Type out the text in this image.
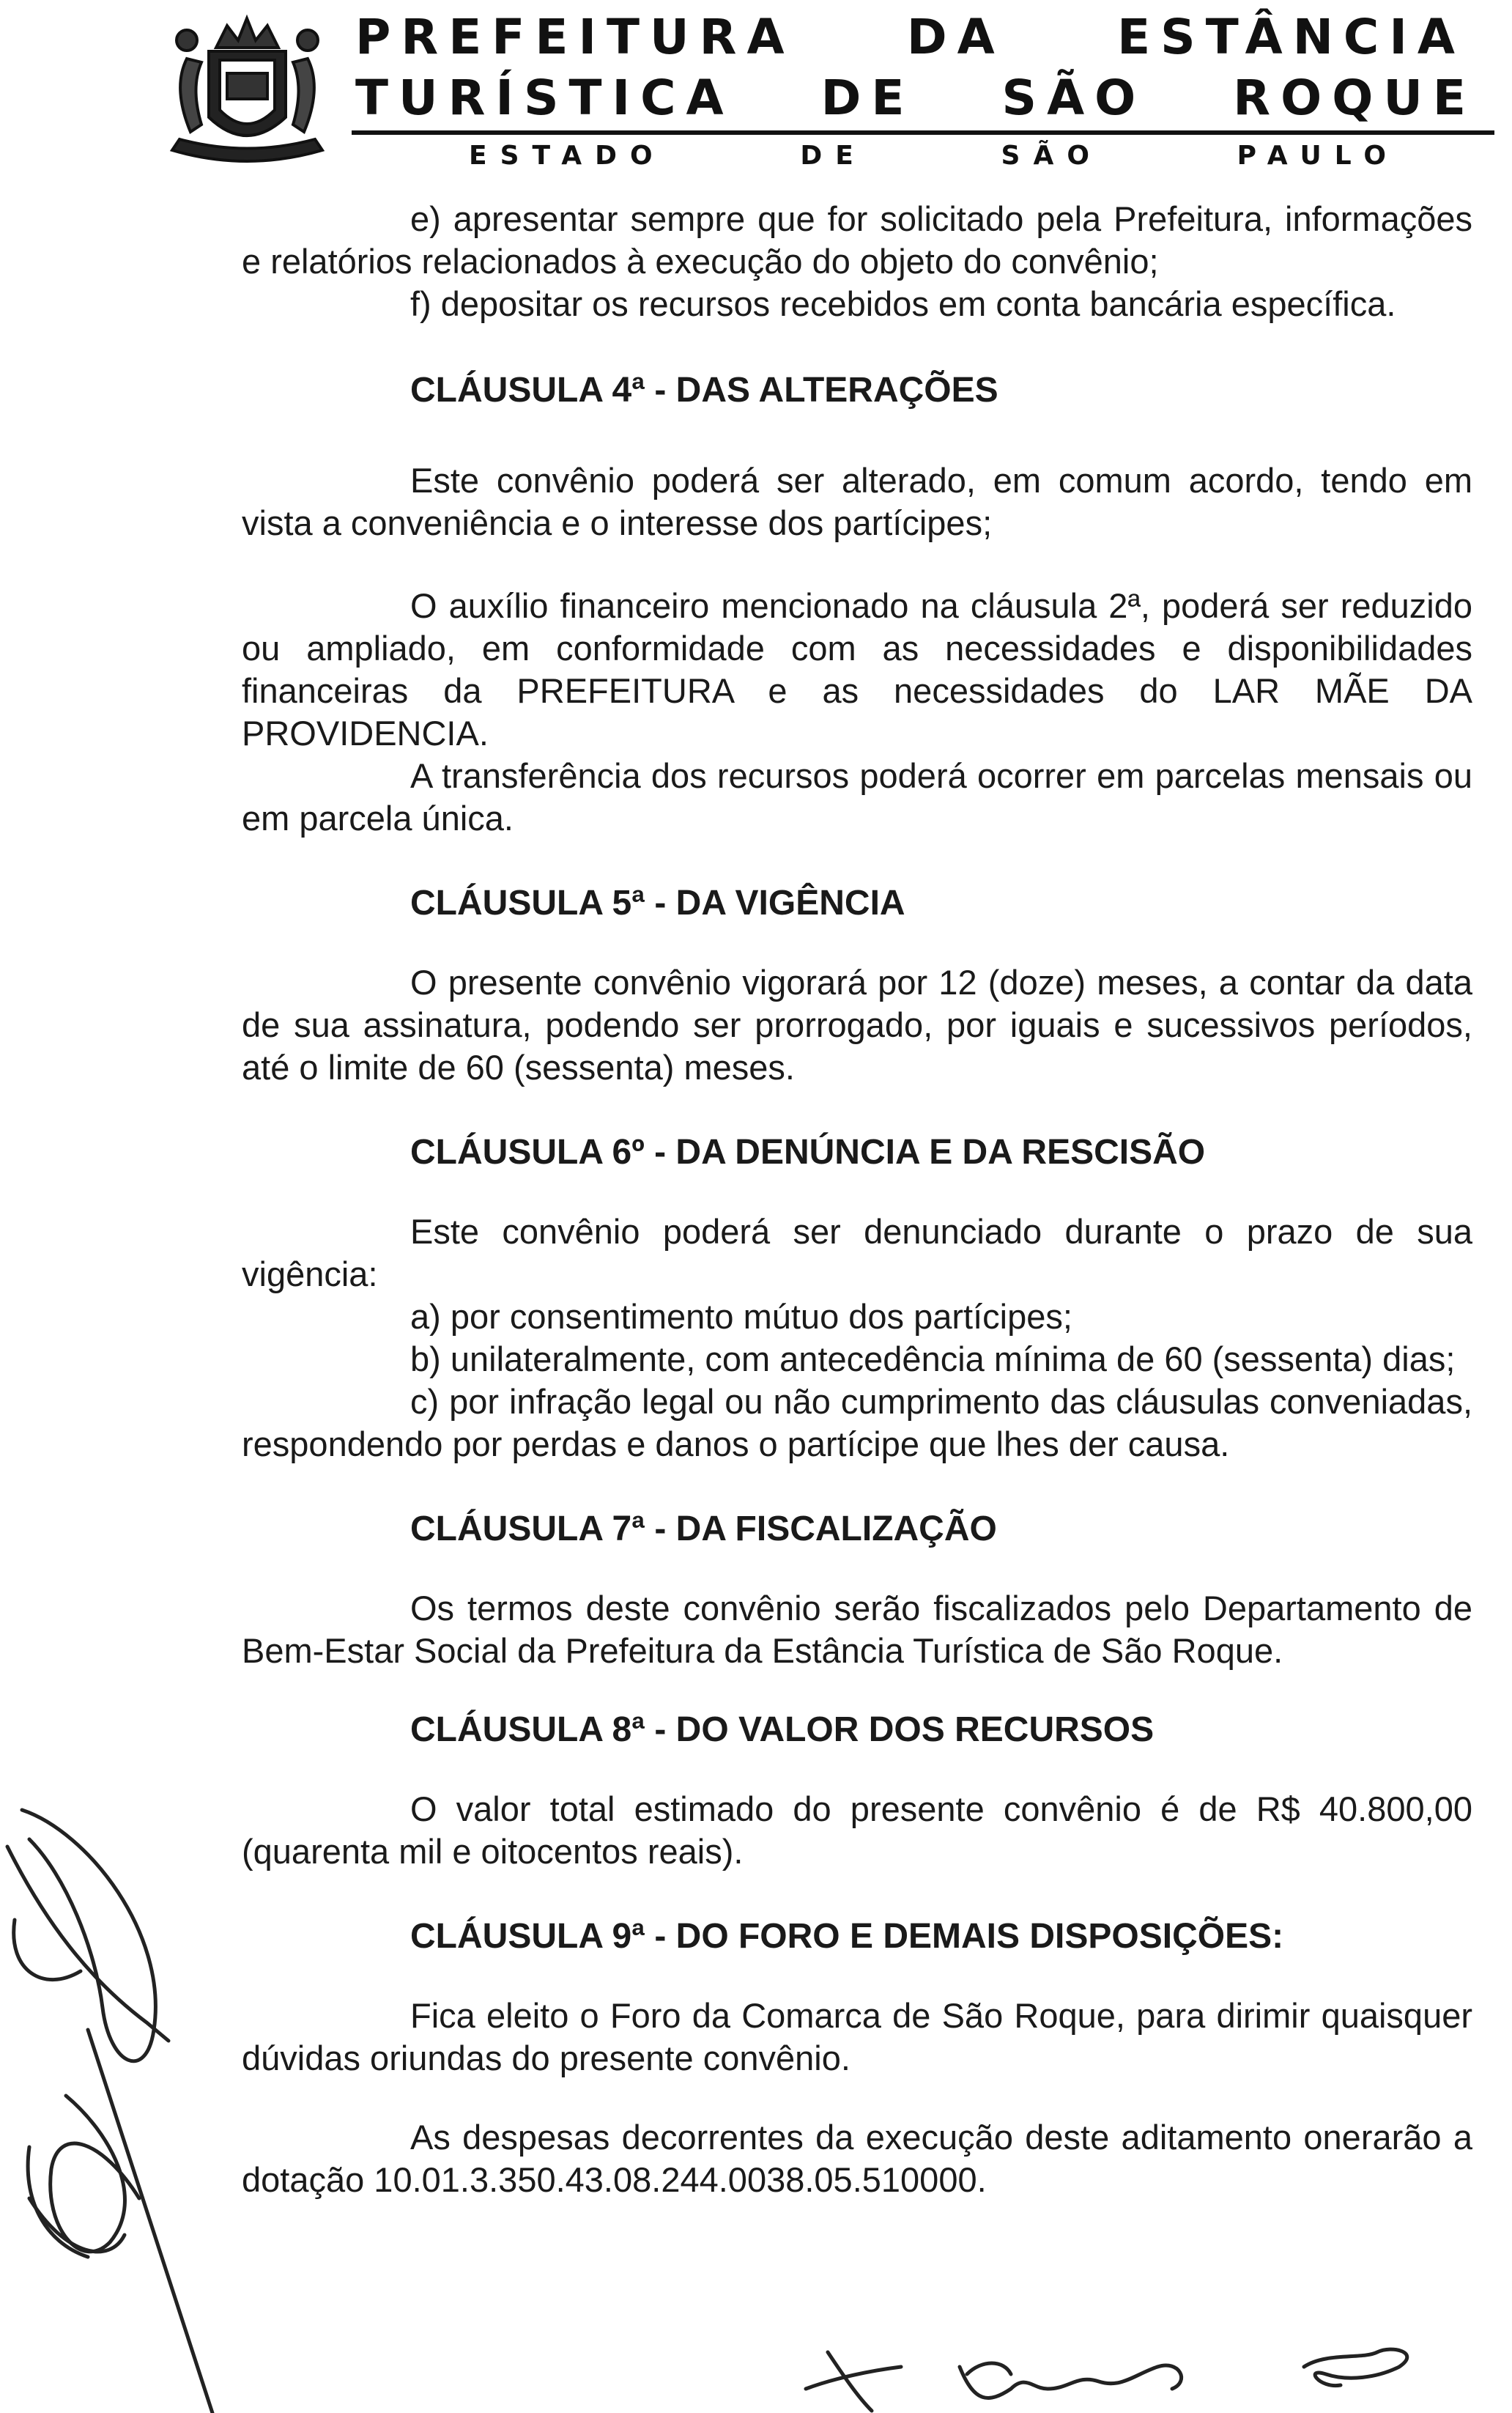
PREFEITURA DA ESTÂNCIA
TURÍSTICA DE SÃO ROQUE
ESTADO	DE	SÃO	PAULO

e) apresentar sempre que for solicitado pela Prefeitura, informações e relatórios relacionados à execução do objeto do convênio;

f) depositar os recursos recebidos em conta bancária específica.

CLÁUSULA 4ª - DAS ALTERAÇÕES

Este convênio poderá ser alterado, em comum acordo, tendo em vista a conveniência e o interesse dos partícipes;

O auxílio financeiro mencionado na cláusula 2ª, poderá ser reduzido ou ampliado, em conformidade com as necessidades e disponibilidades financeiras da PREFEITURA e as necessidades do LAR MÃE DA PROVIDENCIA.

A transferência dos recursos poderá ocorrer em parcelas mensais ou em parcela única.

CLÁUSULA 5ª - DA VIGÊNCIA

O presente convênio vigorará por 12 (doze) meses, a contar da data de sua assinatura, podendo ser prorrogado, por iguais e sucessivos períodos, até o limite de 60 (sessenta) meses.

CLÁUSULA 6º - DA DENÚNCIA E DA RESCISÃO

Este convênio poderá ser denunciado durante o prazo de sua vigência:

a) por consentimento mútuo dos partícipes;

b) unilateralmente, com antecedência mínima de 60 (sessenta) dias;

c) por infração legal ou não cumprimento das cláusulas conveniadas, respondendo por perdas e danos o partícipe que lhes der causa.

CLÁUSULA 7ª - DA FISCALIZAÇÃO

Os termos deste convênio serão fiscalizados pelo Departamento de Bem-Estar Social da Prefeitura da Estância Turística de São Roque.

CLÁUSULA 8ª - DO VALOR DOS RECURSOS

O valor total estimado do presente convênio é de R$ 40.800,00 (quarenta mil e oitocentos reais).

CLÁUSULA 9ª - DO FORO E DEMAIS DISPOSIÇÕES:

Fica eleito o Foro da Comarca de São Roque, para dirimir quaisquer dúvidas oriundas do presente convênio.

As despesas decorrentes da execução deste aditamento onerarão a dotação 10.01.3.350.43.08.244.0038.05.510000.
